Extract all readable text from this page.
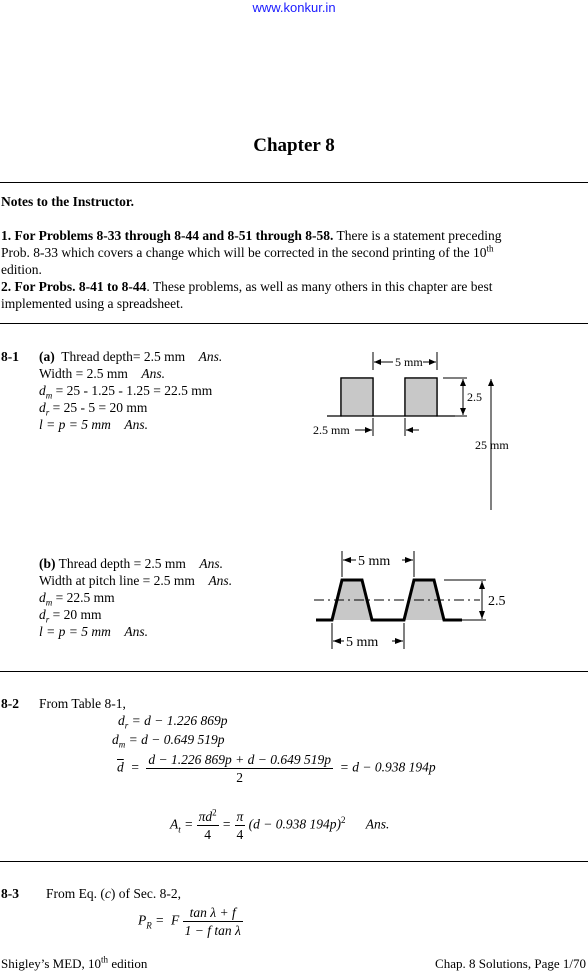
www.konkur.in
Chapter 8
Notes to the Instructor.
1. For Problems 8-33 through 8-44 and 8-51 through 8-58. There is a statement preceding
Prob. 8-33 which covers a change which will be corrected in the second printing of the 10th
edition.
2. For Probs. 8-41 to 8-44. These problems, as well as many others in this chapter are best
implemented using a spreadsheet.
8-1 (a) Thread depth= 2.5 mm Ans.
Width = 2.5 mm Ans.
$d_m = 25 - 1.25 - 1.25 = 22.5$ mm
$d_r = 25 - 5 = 20$ mm
l = p = 5 mm Ans.
5 mm
2.5
2.5 mm
25 mm
(b) Thread depth = 2.5 mm Ans.
Width at pitch line = 2.5 mm Ans.
$d_m = 22.5$ mm
$d_r = 20$ mm
l = p = 5 mm Ans.
5 mm
2.5
5 mm
8-2 From Table 8-1,
$d_r = d - 1.226$ 869p
$d_m = d - 0.649$ 519p
$\overline{d} = \frac{d - 1.226 869p + d - 0.649 519p}{2} = d - 0.938$ 194p
$A_t = \frac{\pi d^2}{4} = \frac{\pi}{4} (d - 0.938$ 194p)$^2$ Ans.
8-3 From Eq. (c) of Sec. 8-2,
$P_R = F \frac{\text{tan λ + f}}{\text{1 − f tan λ}}$
Shigley’s MED, 10th edition	Chap. 8 Solutions, Page 1/70
